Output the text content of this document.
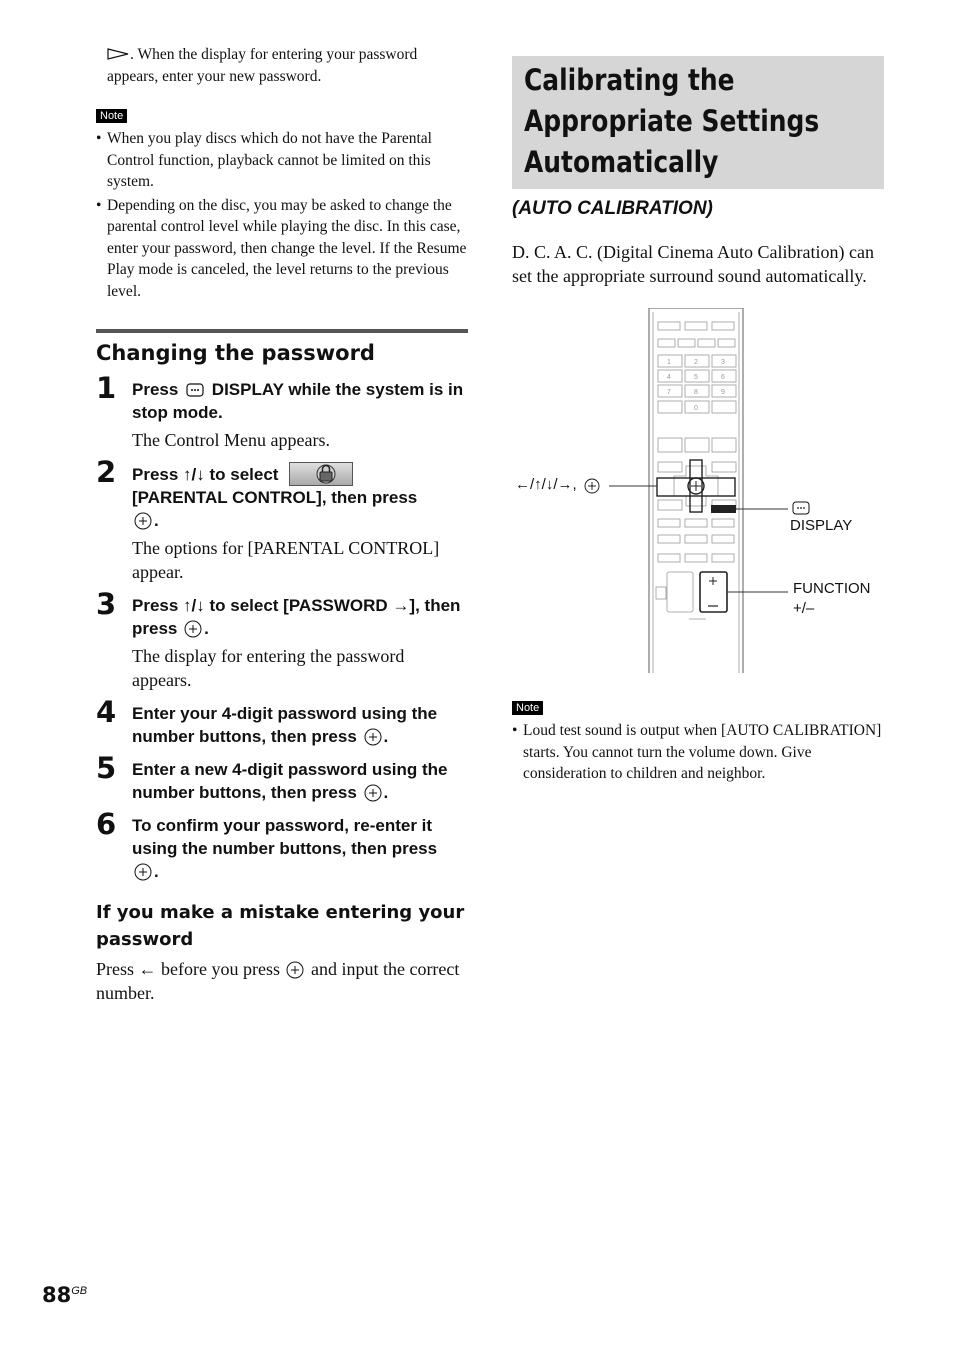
. When the display for entering your password appears, enter your new password.
Note
• When you play discs which do not have the Parental Control function, playback cannot be limited on this system.
• Depending on the disc, you may be asked to change the parental control level while playing the disc. In this case, enter your password, then change the level. If the Resume Play mode is canceled, the level returns to the previous level.
Changing the password
1 Press DISPLAY while the system is in stop mode.
The Control Menu appears.
2 Press ↑/↓ to select
[PARENTAL CONTROL], then press
.
The options for [PARENTAL CONTROL] appear.
3 Press ↑/↓ to select [PASSWORD →], then press .
The display for entering the password appears.
4 Enter your 4-digit password using the number buttons, then press .
5 Enter a new 4-digit password using the number buttons, then press .
6 To confirm your password, re-enter it using the number buttons, then press
.
If you make a mistake entering your password
Press ← before you press and input the correct number.
Calibrating the
Appropriate Settings
Automatically
(AUTO CALIBRATION)
D. C. A. C. (Digital Cinema Auto Calibration) can set the appropriate surround sound automatically.
1	2	3
4	5	6
7	8	9
0
←/↑/↓/→,
DISPLAY
FUNCTION
+/–
Note
• Loud test sound is output when [AUTO CALIBRATION] starts. You cannot turn the volume down. Give consideration to children and neighbor.
$88^{GB}$
